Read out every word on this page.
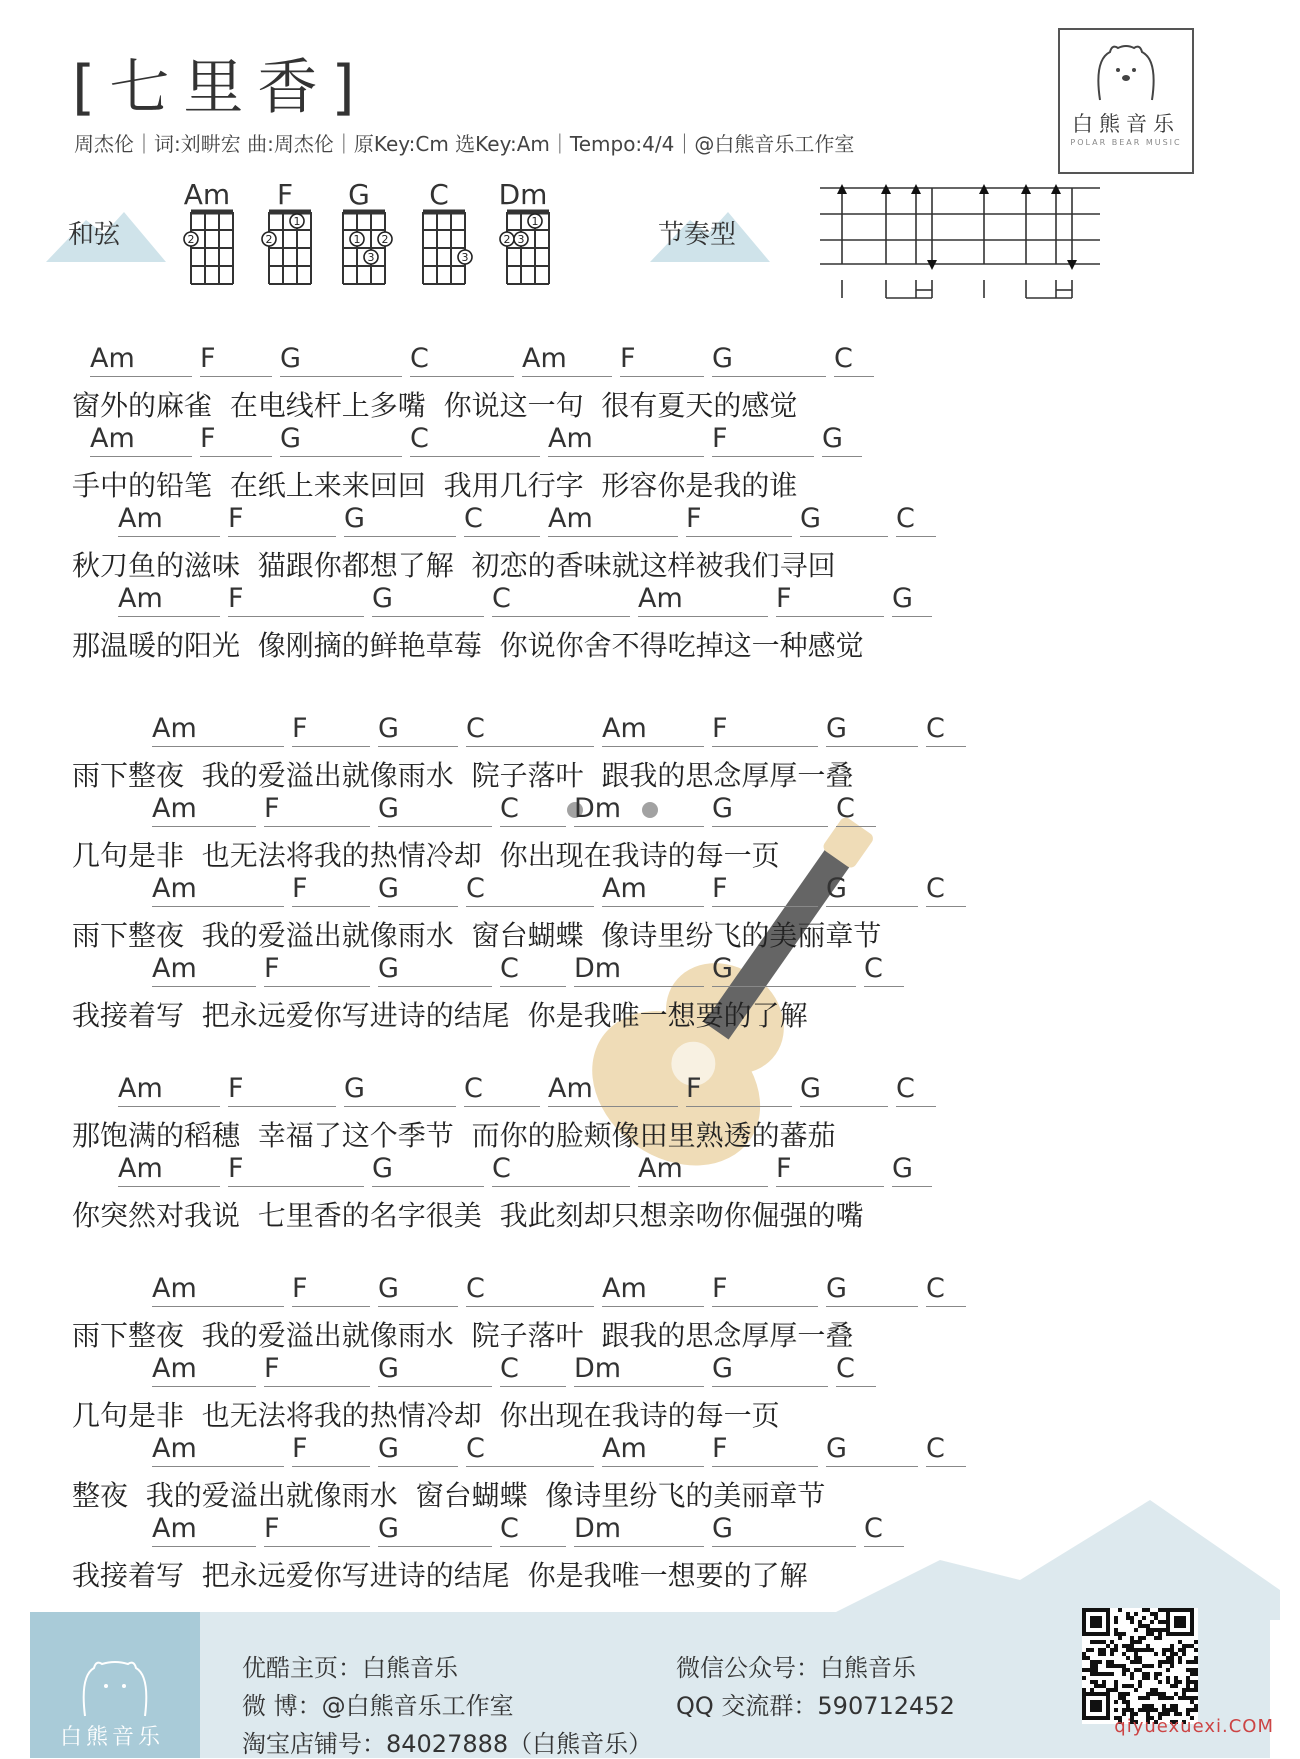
[七里香]
周杰伦｜词:刘畊宏 曲:周杰伦｜原Key:Cm 选Key:Am｜Tempo:4/4｜@白熊音乐工作室
白熊音乐
POLAR BEAR MUSIC
和弦
Am	F	G	C	Dm
2	2
1
1
3
2
3
2 3
1	节奏型
Am	F	G	C	Am	F	G	C
窗外的麻雀  在电线杆上多嘴  你说这一句  很有夏天的感觉
Am	F	G	C	Am	F	G
手中的铅笔  在纸上来来回回  我用几行字  形容你是我的谁
Am	F	G	C	Am	F	G	C
秋刀鱼的滋味  猫跟你都想了解  初恋的香味就这样被我们寻回
Am	F	G	C	Am	F	G
那温暖的阳光  像刚摘的鲜艳草莓  你说你舍不得吃掉这一种感觉
Am	F	G	C	Am	F	G	C
雨下整夜  我的爱溢出就像雨水  院子落叶  跟我的思念厚厚一叠
Am	F	G	C	Dm	G	C
几句是非  也无法将我的热情冷却  你出现在我诗的每一页
Am	F	G	C	Am	F	G	C
雨下整夜  我的爱溢出就像雨水  窗台蝴蝶  像诗里纷飞的美丽章节
Am	F	G	C	Dm	G	C
我接着写  把永远爱你写进诗的结尾  你是我唯一想要的了解
Am	F	G	C	Am	F	G	C
那饱满的稻穗  幸福了这个季节  而你的脸颊像田里熟透的蕃茄
Am	F	G	C	Am	F	G
你突然对我说  七里香的名字很美  我此刻却只想亲吻你倔强的嘴
Am	F	G	C	Am	F	G	C
雨下整夜  我的爱溢出就像雨水  院子落叶  跟我的思念厚厚一叠
Am	F	G	C	Dm	G	C
几句是非  也无法将我的热情冷却  你出现在我诗的每一页
Am	F	G	C	Am	F	G	C
整夜  我的爱溢出就像雨水  窗台蝴蝶  像诗里纷飞的美丽章节
Am	F	G	C	Dm	G	C
我接着写  把永远爱你写进诗的结尾  你是我唯一想要的了解
白熊音乐
优酷主页：白熊音乐	微信公众号：白熊音乐
微 博：@白熊音乐工作室	QQ 交流群：590712452
淘宝店铺号：84027888（白熊音乐）
qiyuexuexi.COM
